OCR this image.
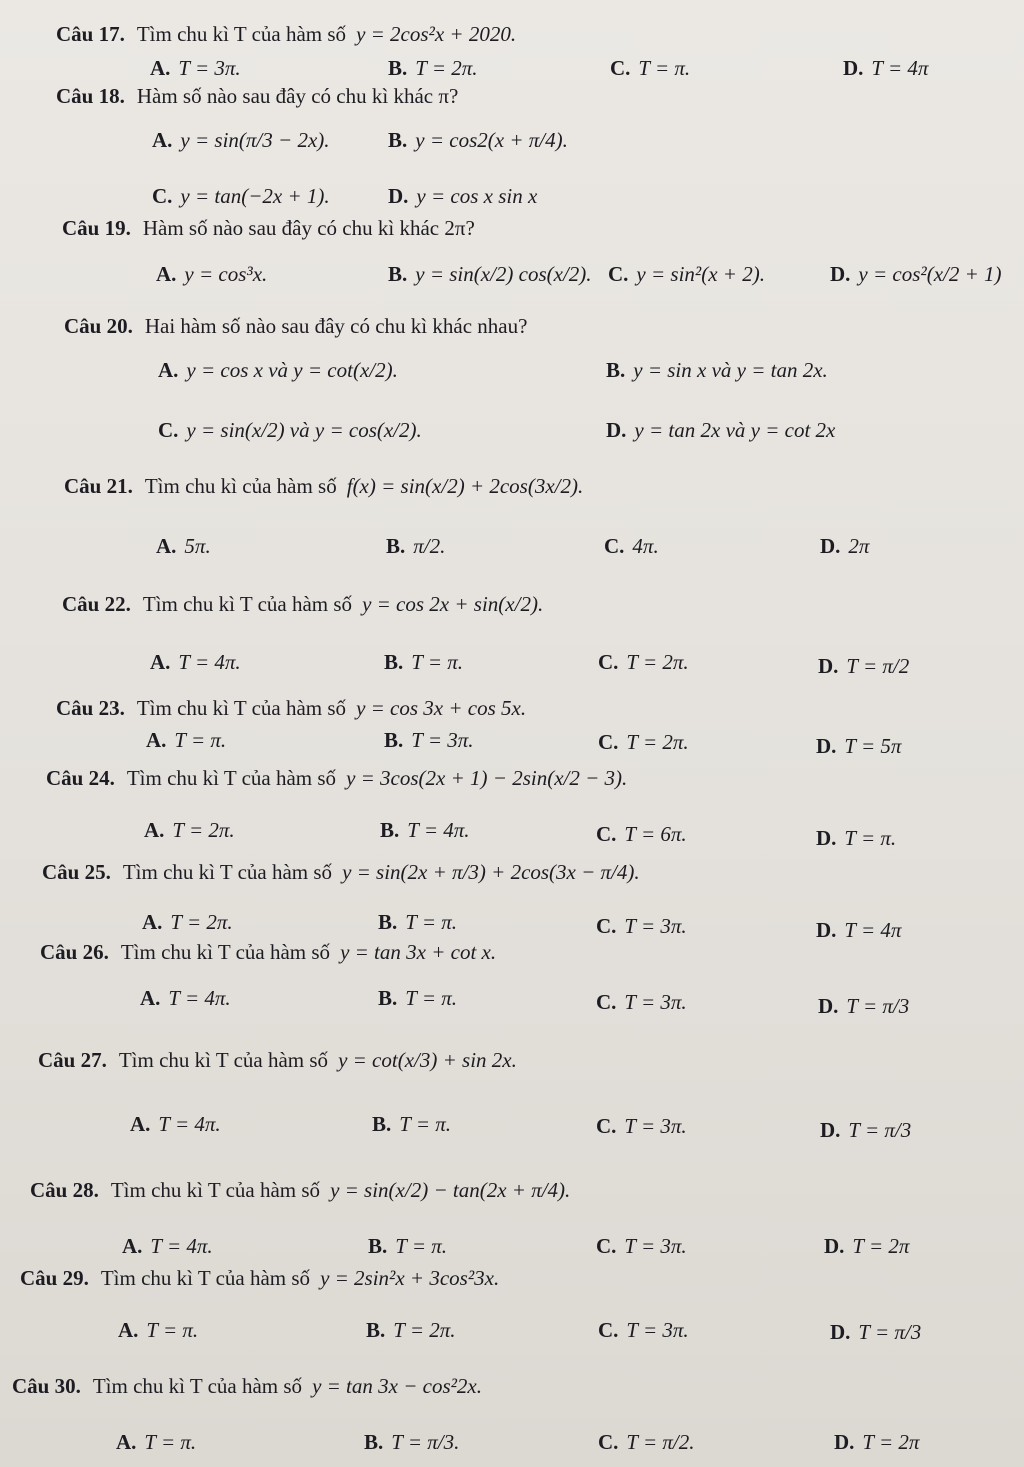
Câu 17. Tìm chu kì T của hàm số y = 2cos²x + 2020.
A. T = 3π.	B. T = 2π.	C. T = π.	D. T = 4π
Câu 18. Hàm số nào sau đây có chu kì khác π?
A. y = sin(π/3 − 2x).	B. y = cos2(x + π/4).
C. y = tan(−2x + 1).	D. y = cos x sin x
Câu 19. Hàm số nào sau đây có chu kì khác 2π?
A. y = cos³x.	B. y = sin(x/2) cos(x/2). C. y = sin²(x + 2).	D. y = cos²(x/2 + 1)
Câu 20. Hai hàm số nào sau đây có chu kì khác nhau?
A. y = cos x và y = cot(x/2).	B. y = sin x và y = tan 2x.
C. y = sin(x/2) và y = cos(x/2).	D. y = tan 2x và y = cot 2x
Câu 21. Tìm chu kì của hàm số f(x) = sin(x/2) + 2cos(3x/2).
A. 5π.	B. π/2.	C. 4π.	D. 2π
Câu 22. Tìm chu kì T của hàm số y = cos 2x + sin(x/2).
A. T = 4π.	B. T = π.	C. T = 2π.	D. T = π/2
Câu 23. Tìm chu kì T của hàm số y = cos 3x + cos 5x.
A. T = π.	B. T = 3π.	C. T = 2π.	D. T = 5π
Câu 24. Tìm chu kì T của hàm số y = 3cos(2x + 1) − 2sin(x/2 − 3).
A. T = 2π.	B. T = 4π.	C. T = 6π.	D. T = π.
Câu 25. Tìm chu kì T của hàm số y = sin(2x + π/3) + 2cos(3x − π/4).
A. T = 2π.	B. T = π.	C. T = 3π.	D. T = 4π
Câu 26. Tìm chu kì T của hàm số y = tan 3x + cot x.
A. T = 4π.	B. T = π.	C. T = 3π.	D. T = π/3
Câu 27. Tìm chu kì T của hàm số y = cot(x/3) + sin 2x.
A. T = 4π.	B. T = π.	C. T = 3π.	D. T = π/3
Câu 28. Tìm chu kì T của hàm số y = sin(x/2) − tan(2x + π/4).
A. T = 4π.	B. T = π.	C. T = 3π.	D. T = 2π
Câu 29. Tìm chu kì T của hàm số y = 2sin²x + 3cos²3x.
A. T = π.	B. T = 2π.	C. T = 3π.	D. T = π/3
Câu 30. Tìm chu kì T của hàm số y = tan 3x − cos²2x.
A. T = π.	B. T = π/3.	C. T = π/2.	D. T = 2π
